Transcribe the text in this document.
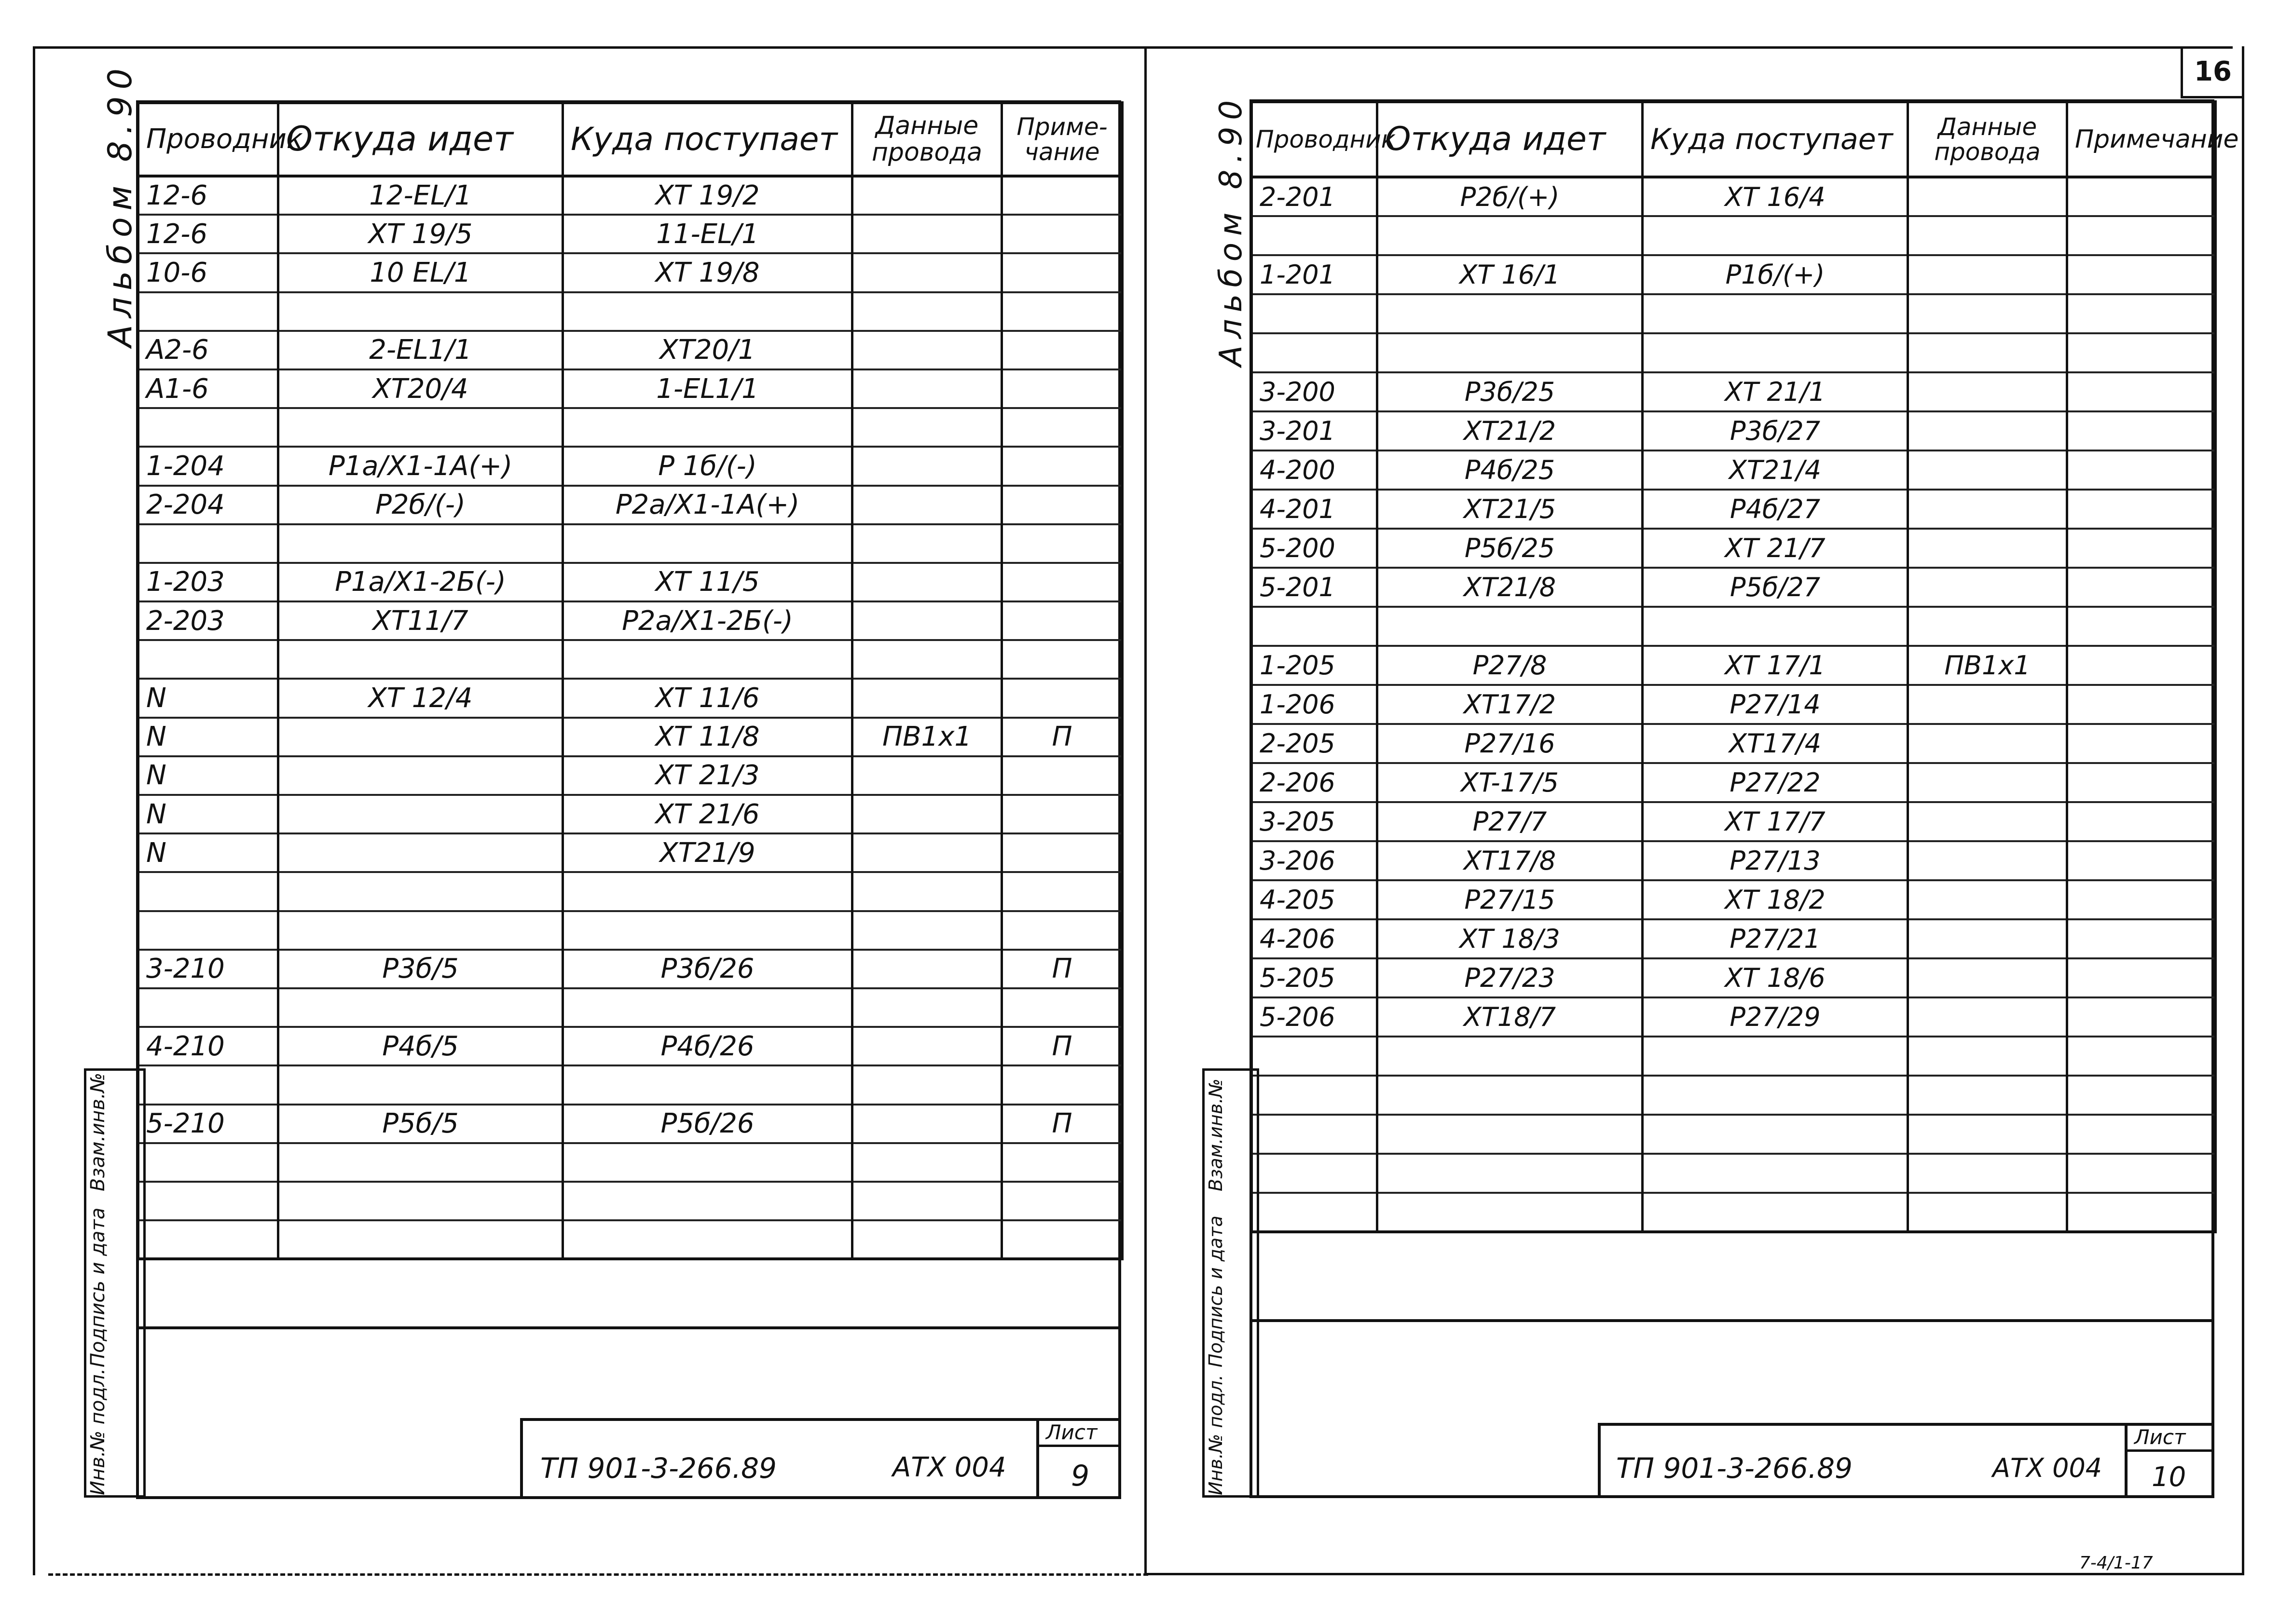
Альбом 8.90 Проводник	Откуда идет	Куда поступает	Данные провода	Приме-чание
12-6	12-EL/1	XT 19/2		
12-6	XT 19/5	11-EL/1		
10-6	10 EL/1	XT 19/8		

A2-6	2-EL1/1	XT20/1		
A1-6	XT20/4	1-EL1/1		

1-204	P1a/X1-1A(+)	P 1б/(-)		
2-204	P2б/(-)	P2a/X1-1A(+)		

1-203	P1a/X1-2Б(-)	XT 11/5		
2-203	XT11/7	P2a/X1-2Б(-)		

N	XT 12/4	XT 11/6		
N		XT 11/8	ПВ1х1	П
N		XT 21/3		
N		XT 21/6		
N		XT21/9		

3-210	P3б/5	P3б/26		П

4-210	P4б/5	P4б/26		П

5-210	P5б/5	P5б/26		П

Инв.№ подл.
Подпись и дата
Взам.инв.№
ТП 901-3-266.89	АТХ 004
Лист
9
16
Альбом 8.90 Проводник	Откуда идет	Куда поступает	Данные провода	Примечание
2-201	P2б/(+)	XT 16/4		

1-201	XT 16/1	P1б/(+)		

3-200	P3б/25	XT 21/1		
3-201	XT21/2	P3б/27		
4-200	P4б/25	XT21/4		
4-201	XT21/5	P4б/27		
5-200	P5б/25	XT 21/7		
5-201	XT21/8	P5б/27		

1-205	P27/8	XT 17/1	ПВ1х1	
1-206	XT17/2	P27/14		
2-205	P27/16	XT17/4		
2-206	XT-17/5	P27/22		
3-205	P27/7	XT 17/7		
3-206	XT17/8	P27/13		
4-205	P27/15	XT 18/2		
4-206	XT 18/3	P27/21		
5-205	P27/23	XT 18/6		
5-206	XT18/7	P27/29		

Инв.№ подл.
Подпись и дата
Взам.инв.№
ТП 901-3-266.89	АТХ 004
Лист
10
7-4/1-17
